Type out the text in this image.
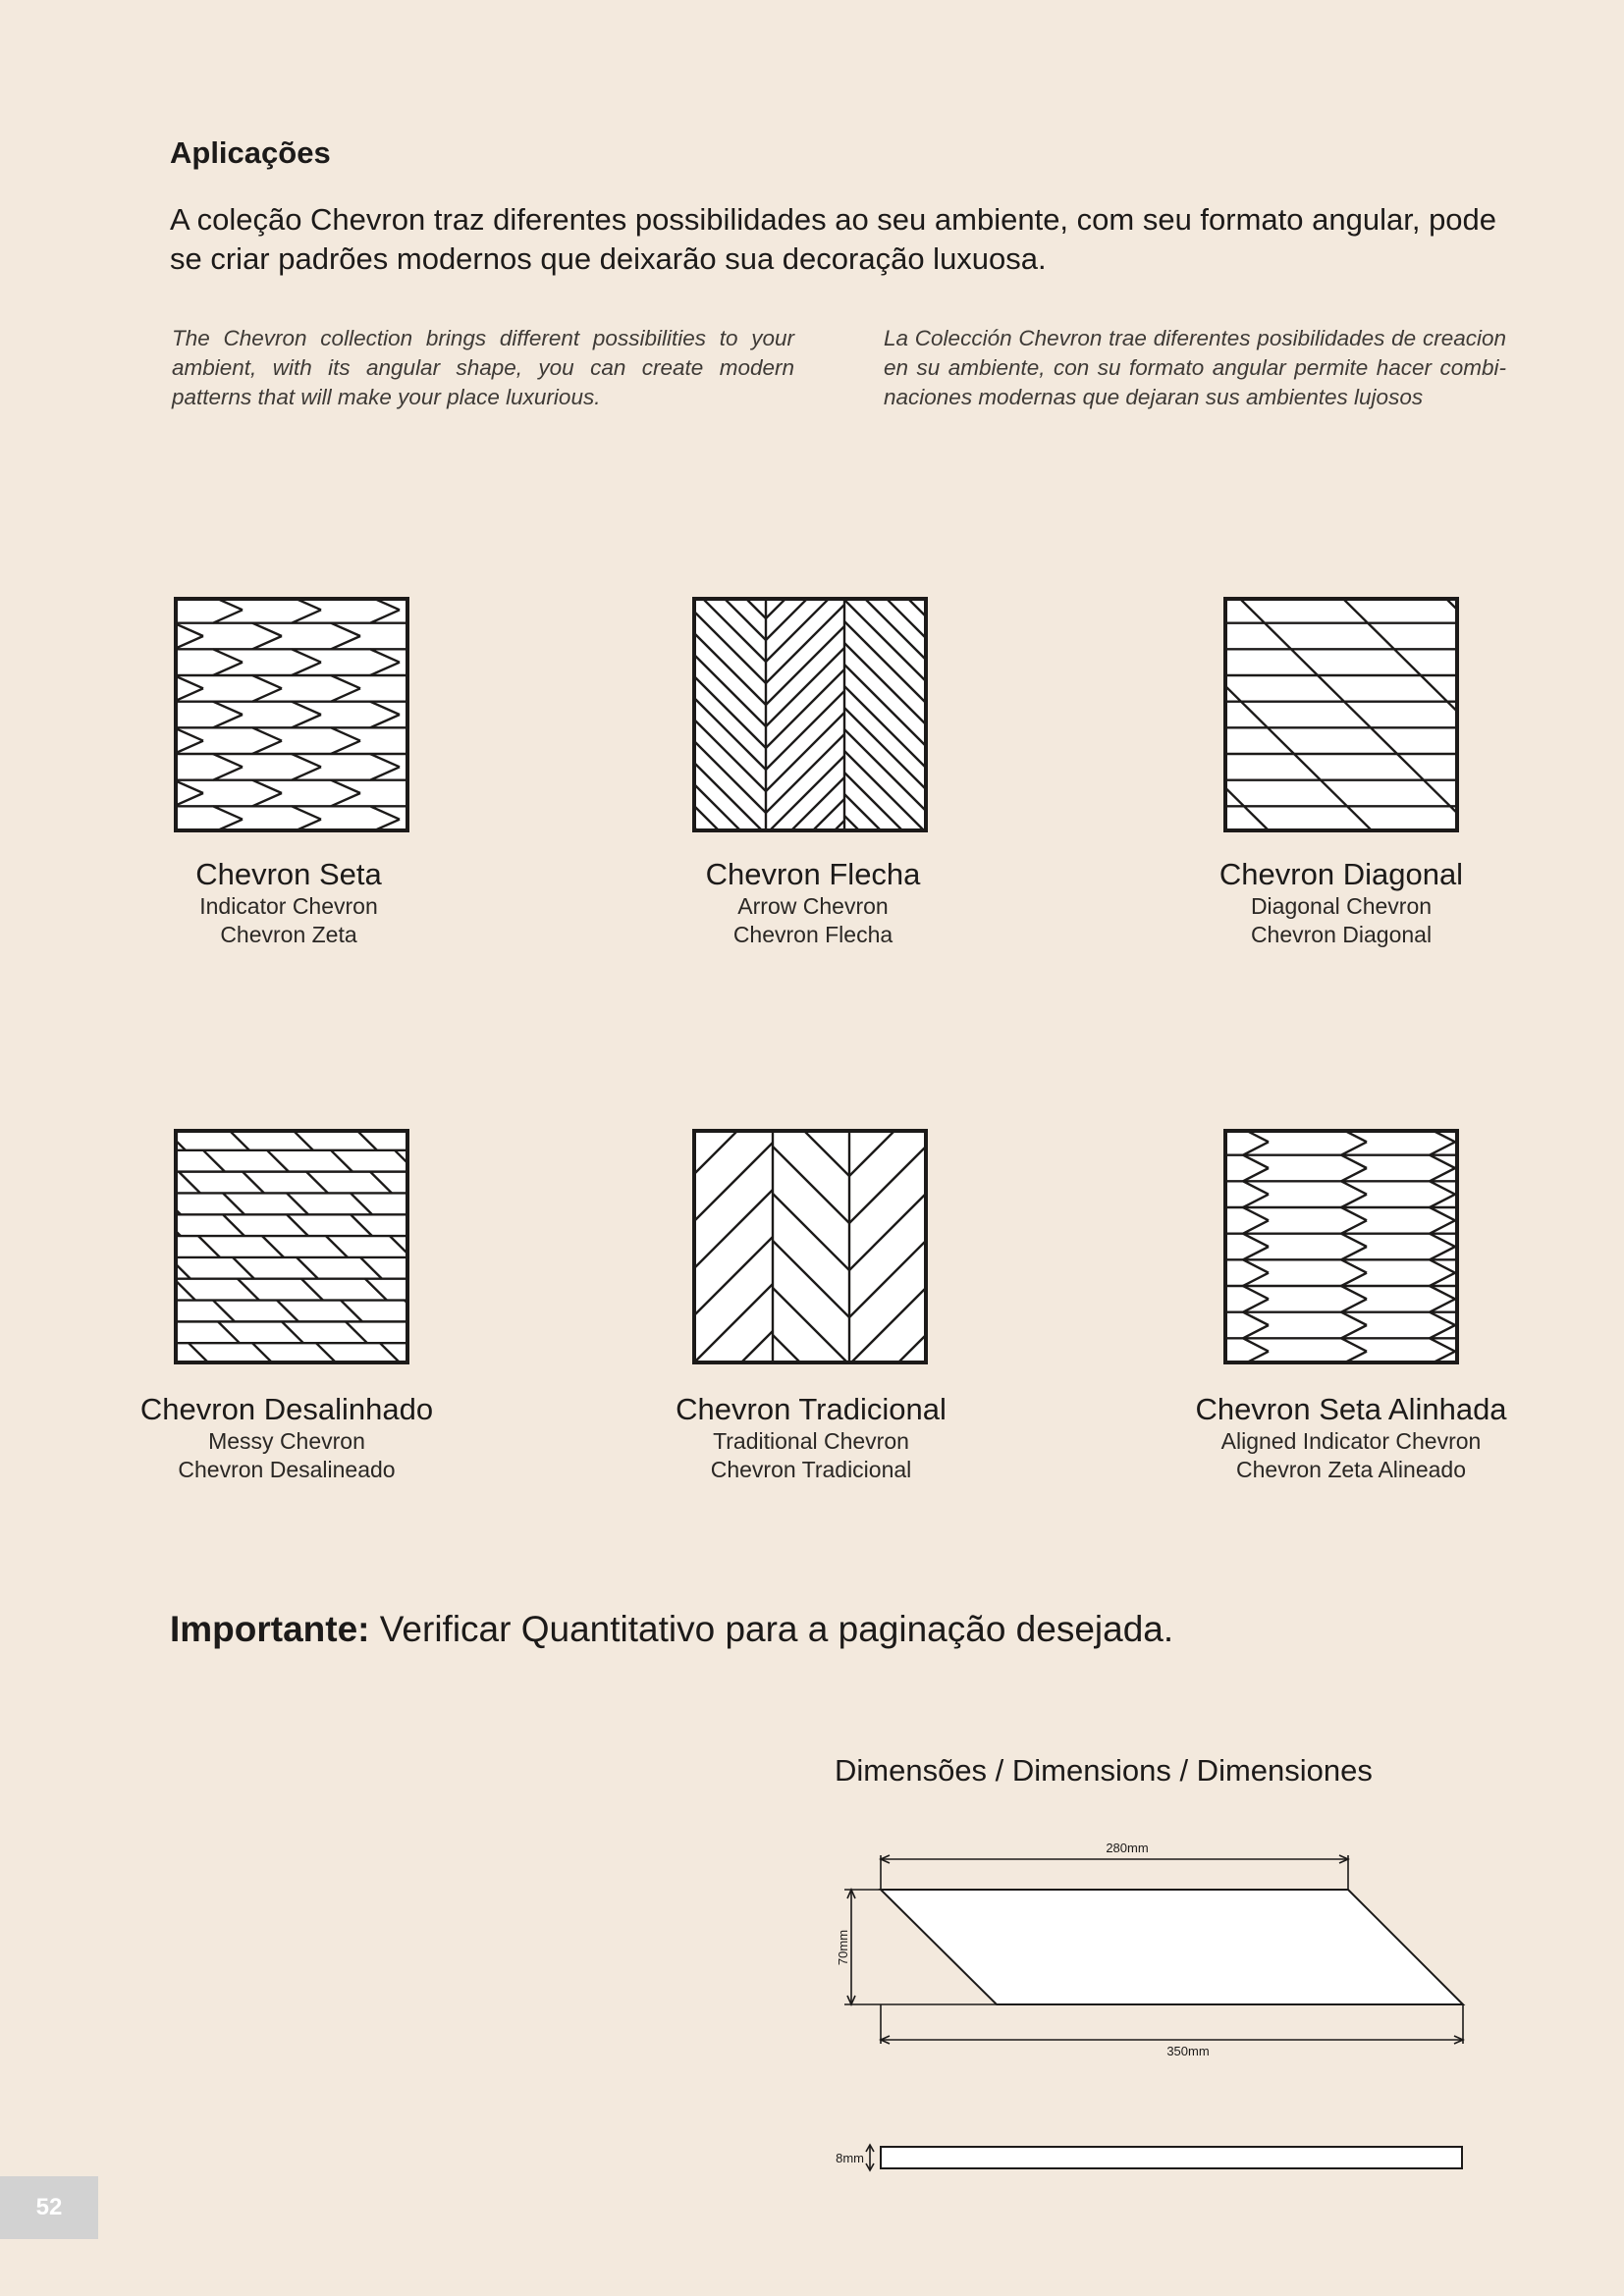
Aplicações
A coleção Chevron traz diferentes possibilidades ao seu ambiente, com seu formato angular, pode se criar padrões modernos que deixarão sua decoração luxuosa.
The Chevron collection brings different possibilities to your ambient, with its angular shape, you can create modern patterns that will make your place luxurious.
La Colección Chevron trae diferentes posibilidades de creacion en su ambiente, con su formato angular permite hacer combi-naciones modernas que dejaran sus ambientes lujosos
Chevron Seta
Indicator Chevron
Chevron Zeta
Chevron Flecha
Arrow Chevron
Chevron Flecha
Chevron Diagonal
Diagonal Chevron
Chevron Diagonal
Chevron Desalinhado
Messy Chevron
Chevron Desalineado
Chevron Tradicional
Traditional Chevron
Chevron Tradicional
Chevron Seta Alinhada
Aligned Indicator Chevron
Chevron Zeta Alineado
Importante: Verificar Quantitativo para a paginação desejada.
Dimensões / Dimensions / Dimensiones
280mm
350mm
70mm
8mm
52
